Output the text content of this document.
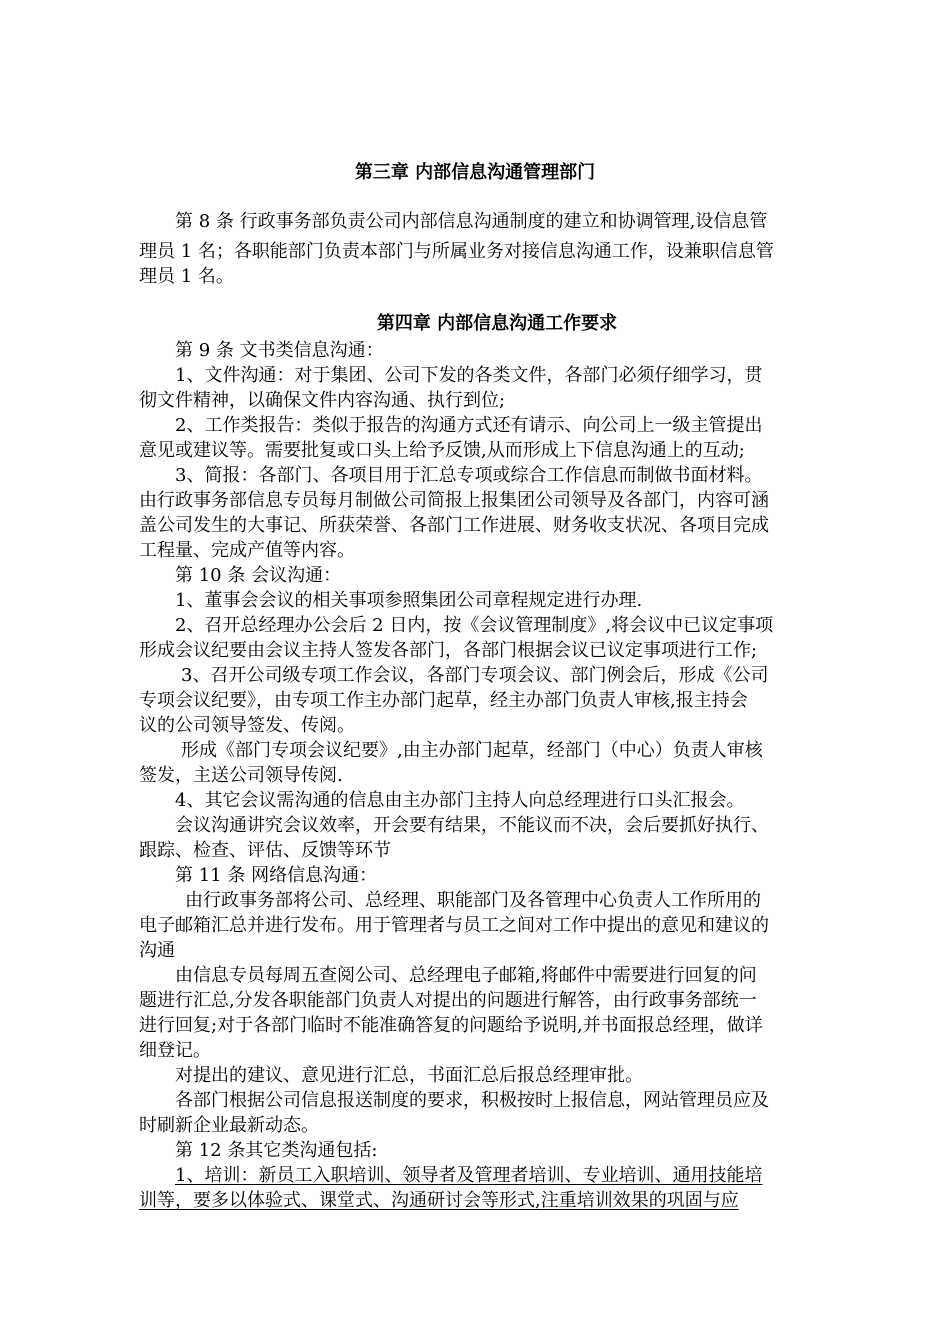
第三章 内部信息沟通管理部门
第 8 条 行政事务部负责公司内部信息沟通制度的建立和协调管理,设信息管
理员 1 名；各职能部门负责本部门与所属业务对接信息沟通工作，设兼职信息管
理员 1 名。
第四章 内部信息沟通工作要求
第 9 条 文书类信息沟通：
1、文件沟通：对于集团、公司下发的各类文件，各部门必须仔细学习，贯
彻文件精神，以确保文件内容沟通、执行到位;
2、工作类报告：类似于报告的沟通方式还有请示、向公司上一级主管提出
意见或建议等。需要批复或口头上给予反馈,从而形成上下信息沟通上的互动;
3、简报：各部门、各项目用于汇总专项或综合工作信息而制做书面材料。
由行政事务部信息专员每月制做公司简报上报集团公司领导及各部门，内容可涵
盖公司发生的大事记、所获荣誉、各部门工作进展、财务收支状况、各项目完成
工程量、完成产值等内容。
第 10 条 会议沟通：
1、董事会会议的相关事项参照集团公司章程规定进行办理.
2、召开总经理办公会后 2 日内，按《会议管理制度》,将会议中已议定事项
形成会议纪要由会议主持人签发各部门，各部门根据会议已议定事项进行工作;
3、召开公司级专项工作会议，各部门专项会议、部门例会后，形成《公司
专项会议纪要》，由专项工作主办部门起草，经主办部门负责人审核,报主持会
议的公司领导签发、传阅。
形成《部门专项会议纪要》,由主办部门起草，经部门（中心）负责人审核
签发，主送公司领导传阅.
4、其它会议需沟通的信息由主办部门主持人向总经理进行口头汇报会。
会议沟通讲究会议效率，开会要有结果，不能议而不决，会后要抓好执行、
跟踪、检查、评估、反馈等环节
第 11 条 网络信息沟通：
由行政事务部将公司、总经理、职能部门及各管理中心负责人工作所用的
电子邮箱汇总并进行发布。用于管理者与员工之间对工作中提出的意见和建议的
沟通
由信息专员每周五查阅公司、总经理电子邮箱,将邮件中需要进行回复的问
题进行汇总,分发各职能部门负责人对提出的问题进行解答，由行政事务部统一
进行回复;对于各部门临时不能准确答复的问题给予说明,并书面报总经理，做详
细登记。
对提出的建议、意见进行汇总，书面汇总后报总经理审批。
各部门根据公司信息报送制度的要求，积极按时上报信息，网站管理员应及
时刷新企业最新动态。
第 12 条其它类沟通包括:
1、培训：新员工入职培训、领导者及管理者培训、专业培训、通用技能培
训等，要多以体验式、课堂式、沟通研讨会等形式,注重培训效果的巩固与应
